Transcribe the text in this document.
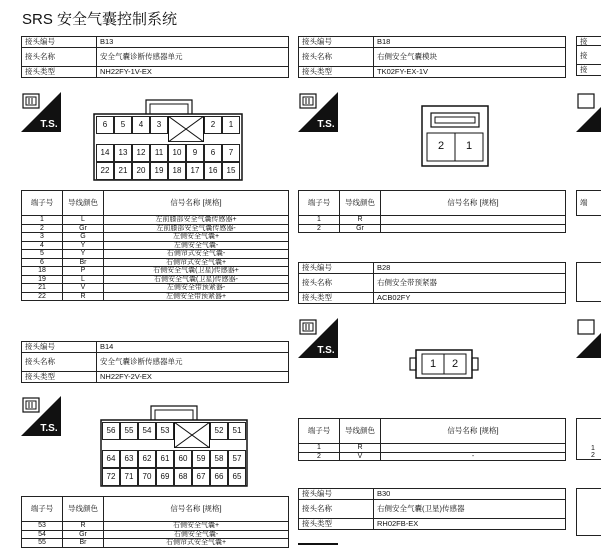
SRS 安全气囊控制系统
接头编号	B13
接头名称	安全气囊诊断传感器单元
接头类型	NH22FY-1V-EX
T.S.	6	5	4	3	2	1
14	13	12	11	10	9	6	7
22	21	20	19	18	17	16	15
端子号	导线颜色	信号名称 [规格]
1	L	左前膝部安全气囊传感器+
2	Gr	左前膝部安全气囊传感器-
3	G	左侧安全气囊+
4	Y	左侧安全气囊-
5	Y	右侧帘式安全气囊-
6	Br	右侧帘式安全气囊+
18	P	右侧安全气囊(卫星)传感器+
19	L	右侧安全气囊(卫星)传感器-
21	V	左侧安全带预紧器-
22	R	左侧安全带预紧器+
接头编号	B14
接头名称	安全气囊诊断传感器单元
接头类型	NH22FY-2V-EX
T.S.	56	55	54	53	52	51
64	63	62	61	60	59	58	57
72	71	70	69	68	67	66	65
端子号	导线颜色	信号名称 [规格]
53	R	右侧安全气囊+
54	Gr	右侧安全气囊-
55	Br	右侧帘式安全气囊+
接头编号	B18
接头名称	右侧安全气囊模块
接头类型	TK02FY-EX-1V
T.S.
2	1
端子号	导线颜色	信号名称 [规格]
1	R	
2	Gr	
接头编号	B28
接头名称	右侧安全带预紧器
接头类型	ACB02FY
T.S.
1	2
端子号	导线颜色	信号名称 [规格]
1	R	
2	V	-
接头编号	B30
接头名称	右侧安全气囊(卫星)传感器
接头类型	RH02FB-EX
接
接
接
端
1
2
